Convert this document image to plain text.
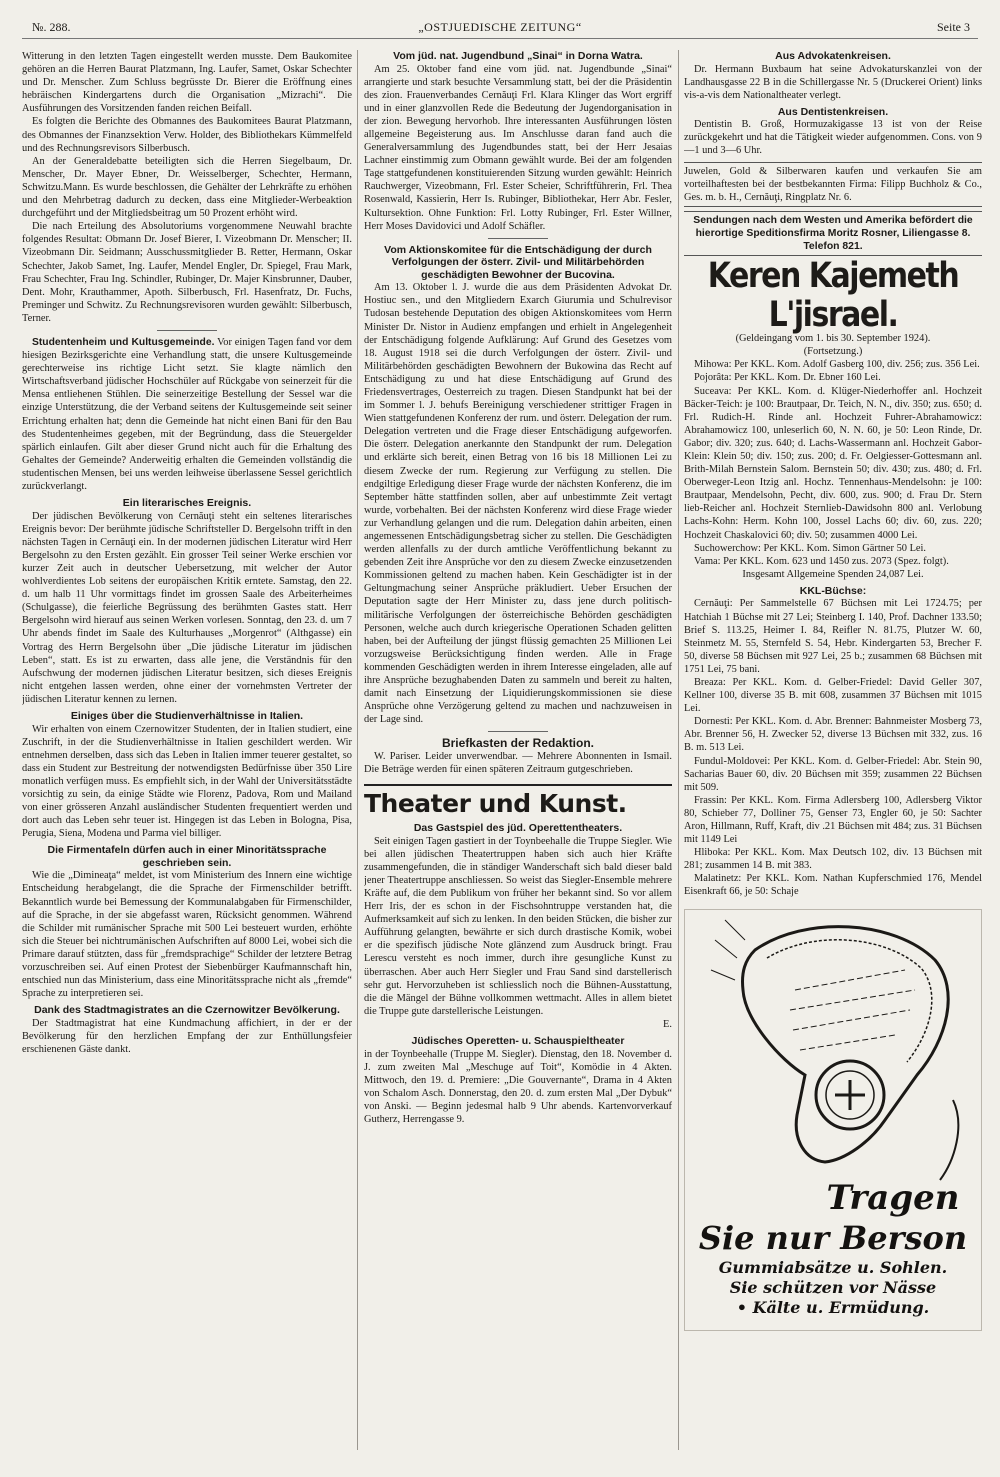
№. 288.	„OSTJUEDISCHE ZEITUNG“	Seite 3

Witterung in den letzten Tagen eingestellt werden musste. Dem Baukomitee gehören an die Herren Baurat Platzmann, Ing. Laufer, Samet, Oskar Schechter und Dr. Menscher. Zum Schluss begrüsste Dr. Bierer die Eröffnung eines hebräischen Kindergartens durch die Organisation „Mizrachi“. Die Ausführungen des Vorsitzenden fanden reichen Beifall.

Es folgten die Berichte des Obmannes des Baukomitees Baurat Platzmann, des Obmannes der Finanzsektion Verw. Holder, des Bibliothekars Kümmelfeld und des Rechnungsrevisors Silberbusch.

An der Generaldebatte beteiligten sich die Herren Siegelbaum, Dr. Menscher, Dr. Mayer Ebner, Dr. Weisselberger, Schechter, Hermann, Schwitzu.Mann. Es wurde beschlossen, die Gehälter der Lehrkräfte zu erhöhen und den Mehrbetrag dadurch zu decken, dass eine Mitglieder-Werbeaktion durchgeführt und der Mitgliedsbeitrag um 50 Prozent erhöht wird.

Die nach Erteilung des Absolutoriums vorgenommene Neuwahl brachte folgendes Resultat: Obmann Dr. Josef Bierer, I. Vizeobmann Dr. Menscher; II. Vizeobmann Dir. Seidmann; Ausschussmitglieder B. Retter, Hermann, Oskar Schechter, Jakob Samet, Ing. Laufer, Mendel Engler, Dr. Spiegel, Frau Mark, Frau Schechter, Frau Ing. Schindler, Rubinger, Dr. Majer Kinsbrunner, Dauber, Dent. Mohr, Krauthammer, Apoth. Silberbusch, Frl. Hasenfratz, Dr. Fuchs, Preminger und Schwitz. Zu Rechnungsrevisoren wurden gewählt: Silberbusch, Terner.

Studentenheim und Kultusgemeinde. Vor einigen Tagen fand vor dem hiesigen Bezirksgerichte eine Verhandlung statt, die unsere Kultusgemeinde gerechterweise ins richtige Licht setzt. Sie klagte nämlich den Wirtschaftsverband jüdischer Hochschüler auf Rückgabe von seinerzeit für die Mensa entliehenen Stühlen. Die seinerzeitige Bestellung der Sessel war die einzige Unterstützung, die der Verband seitens der Kultusgemeinde seit seiner Errichtung erhalten hat; denn die Gemeinde hat nicht einen Bani für den Bau des Studentenheimes gegeben, mit der Begründung, dass die Steuergelder spärlich einlaufen. Gilt aber dieser Grund nicht auch für die Erhaltung des Gehaltes der Gemeinde? Anderweitig erhalten die Gemeinden vollständig die studentischen Mensen, bei uns werden leihweise überlassene Sessel gerichtlich zurückverlangt.

Ein literarisches Ereignis.

Der jüdischen Bevölkerung von Cernăuţi steht ein seltenes literarisches Ereignis bevor: Der berühmte jüdische Schriftsteller D. Bergelsohn trifft in den nächsten Tagen in Cernăuţi ein. In der modernen jüdischen Literatur wird Herr Bergelsohn zu den Ersten gezählt. Ein grosser Teil seiner Werke erschien vor kurzer Zeit auch in deutscher Uebersetzung, mit welcher der Autor wohlverdientes Lob seitens der europäischen Kritik erntete. Samstag, den 22. d. um halb 11 Uhr vormittags findet im grossen Saale des Arbeiterheimes (Schulgasse), die feierliche Begrüssung des berühmten Gastes statt. Herr Bergelsohn wird hierauf aus seinen Werken vorlesen. Sonntag, den 23. d. um 7 Uhr abends findet im Saale des Kulturhauses „Morgenrot“ (Althgasse) ein Vortrag des Herrn Bergelsohn über „Die jüdische Literatur im jüdischen Leben“, statt. Es ist zu erwarten, dass alle jene, die Verständnis für den Aufschwung der modernen jüdischen Literatur besitzen, sich dieses Ereignis nicht entgehen lassen werden, ohne einer der vornehmsten Vertreter der jüdischen Literatur kennen zu lernen.

Einiges über die Studienverhältnisse in Italien.

Wir erhalten von einem Czernowitzer Studenten, der in Italien studiert, eine Zuschrift, in der die Studienverhältnisse in Italien geschildert werden. Wir entnehmen derselben, dass sich das Leben in Italien immer teuerer gestaltet, so dass ein Student zur Bestreitung der notwendigsten Bedürfnisse über 350 Lire monatlich verfügen muss. Es empfiehlt sich, in der Wahl der Universitätsstädte vorsichtig zu sein, da einige Städte wie Florenz, Padova, Rom und Mailand von einer grösseren Anzahl ausländischer Studenten frequentiert werden und dort auch das Leben sehr teuer ist. Hingegen ist das Leben in Bologna, Pisa, Perugia, Siena, Modena und Parma viel billiger.

Die Firmentafeln dürfen auch in einer Minoritätssprache geschrieben sein.

Wie die „Dimineaţa“ meldet, ist vom Ministerium des Innern eine wichtige Entscheidung herabgelangt, die die Sprache der Firmenschilder betrifft. Bekanntlich wurde bei Bemessung der Kommunalabgaben für Firmenschilder, auf die Sprache, in der sie abgefasst waren, Rücksicht genommen. Während die Schilder mit rumänischer Sprache mit 500 Lei besteuert wurden, erhöhte sich die Steuer bei nichtrumänischen Aufschriften auf 8000 Lei, wobei sich die Primare darauf stützten, dass für „fremdsprachige“ Schilder der letztere Betrag vorzuschreiben sei. Auf einen Protest der Siebenbürger Kaufmannschaft hin, entschied nun das Ministerium, dass eine Minoritätssprache nicht als „fremde“ Sprache zu interpretieren sei.

Dank des Stadtmagistrates an die Czernowitzer Bevölkerung.

Der Stadtmagistrat hat eine Kundmachung affichiert, in der er der Bevölkerung für den herzlichen Empfang der zur Enthüllungsfeier erschienenen Gäste dankt.

Vom jüd. nat. Jugendbund „Sinai“ in Dorna Watra.

Am 25. Oktober fand eine vom jüd. nat. Jugendbunde „Sinai“ arrangierte und stark besuchte Versammlung statt, bei der die Präsidentin des zion. Frauenverbandes Cernăuţi Frl. Klara Klinger das Wort ergriff und in einer glanzvollen Rede die Bedeutung der Jugendorganisation in der zion. Bewegung hervorhob. Ihre interessanten Ausführungen lösten allgemeine Begeisterung aus. Im Anschlusse daran fand auch die Generalversammlung des Jugendbundes statt, bei der Herr Jesaias Lachner einstimmig zum Obmann gewählt wurde. Bei der am folgenden Tage stattgefundenen konstituierenden Sitzung wurden gewählt: Heinrich Rauchwerger, Vizeobmann, Frl. Ester Scheier, Schriftführerin, Frl. Thea Rosenwald, Kassierin, Herr Is. Rubinger, Bibliothekar, Herr Abr. Fesler, Kultursektion. Ohne Funktion: Frl. Lotty Rubinger, Frl. Ester Willner, Herr Moses Davidovici und Adolf Schäfler.

Vom Aktionskomitee für die Entschädigung der durch Verfolgungen der österr. Zivil- und Militärbehörden geschädigten Bewohner der Bucovina.

Am 13. Oktober l. J. wurde die aus dem Präsidenten Advokat Dr. Hostiuc sen., und den Mitgliedern Exarch Giurumia und Schulrevisor Tudosan bestehende Deputation des obigen Aktionskomitees vom Herrn Minister Dr. Nistor in Audienz empfangen und erhielt in Angelegenheit der Entschädigung folgende Aufklärung: Auf Grund des Gesetzes vom 18. August 1918 sei die durch Verfolgungen der österr. Zivil- und Militärbehörden geschädigten Bewohnern der Bukowina das Recht auf Entschädigung zu und hat diese Entschädigung auf Grund des Friedensvertrages, Oesterreich zu tragen. Diesen Standpunkt hat bei der im Sommer l. J. behufs Bereinigung verschiedener strittiger Fragen in Wien stattgefundenen Konferenz der rum. und österr. Delegation der rum. Delegation vertreten und die Frage dieser Entschädigung aufgeworfen. Die österr. Delegation anerkannte den Standpunkt der rum. Delegation und erklärte sich bereit, einen Betrag von 16 bis 18 Millionen Lei zu diesem Zwecke der rum. Regierung zur Verfügung zu stellen. Die endgiltige Erledigung dieser Frage wurde der nächsten Konferenz, die im September hätte stattfinden sollen, aber auf unbestimmte Zeit vertagt wurde, vorbehalten. Bei der nächsten Konferenz wird diese Frage wieder zur Verhandlung gelangen und die rum. Delegation dahin arbeiten, einen angemessenen Entschädigungsbetrag sicher zu stellen. Die Geschädigten werden allenfalls zu der durch amtliche Veröffentlichung bekannt zu gebenden Zeit ihre Ansprüche vor den zu diesem Zwecke einzusetzenden Kommissionen geltend zu machen haben. Kein Geschädigter ist in der Geltungmachung seiner Ansprüche präkludiert. Ueber Ersuchen der Deputation sagte der Herr Minister zu, dass jene durch politisch-militärische Verfolgungen der österreichische Behörden geschädigten Personen, welche auch durch kriegerische Operationen Schaden gelitten haben, bei der Aufteilung der jüngst flüssig gemachten 25 Millionen Lei vorzugsweise Berücksichtigung finden werden. Alle in Frage kommenden Geschädigten werden in ihrem Interesse eingeladen, alle auf ihre Ansprüche bezughabenden Daten zu sammeln und bereit zu halten, damit nach Einsetzung der Liquidierungskommissionen sie diese Ansprüche ohne Verzögerung geltend zu machen und nachzuweisen in der Lage sind.

Briefkasten der Redaktion.

W. Pariser. Leider unverwendbar. — Mehrere Abonnenten in Ismail. Die Beträge werden für einen späteren Zeitraum gutgeschrieben.

Theater und Kunst.
Das Gastspiel des jüd. Operettentheaters.

Seit einigen Tagen gastiert in der Toynbeehalle die Truppe Siegler. Wie bei allen jüdischen Theatertruppen haben sich auch hier Kräfte zusammengefunden, die in ständiger Wanderschaft sich bald dieser bald jener Theatertruppe anschliessen. So weist das Siegler-Ensemble mehrere Kräfte auf, die dem Publikum von früher her bekannt sind. So vor allem Herr Iris, der es schon in der Fischsohntruppe verstanden hat, die Aufmerksamkeit auf sich zu lenken. In den beiden Stücken, die bisher zur Aufführung gelangten, bewährte er sich durch drastische Komik, wobei er die spezifisch jüdische Note glänzend zum Ausdruck bringt. Frau Lerescu versteht es noch immer, durch ihre gesungliche Kunst zu überraschen. Aber auch Herr Siegler und Frau Sand sind darstellerisch sehr gut. Hervorzuheben ist schliesslich noch die Bühnen-Ausstattung, die die Mängel der Bühne vollkommen wettmacht. Alles in allem bietet die Truppe gute darstellerische Leistungen.

E.

Jüdisches Operetten- u. Schauspieltheater

in der Toynbeehalle (Truppe M. Siegler). Dienstag, den 18. November d. J. zum zweiten Mal „Meschuge auf Toit“, Komödie in 4 Akten. Mittwoch, den 19. d. Premiere: „Die Gouvernante“, Drama in 4 Akten von Schalom Asch. Donnerstag, den 20. d. zum ersten Mal „Der Dybuk“ von Anski. — Beginn jedesmal halb 9 Uhr abends. Kartenvorverkauf Gutherz, Herrengasse 9.

Aus Advokatenkreisen.

Dr. Hermann Buxbaum hat seine Advokaturskanzlei von der Landhausgasse 22 B in die Schillergasse Nr. 5 (Druckerei Orient) links vis-a-vis dem Nationaltheater verlegt.

Aus Dentistenkreisen.

Dentistin B. Groß, Hormuzakigasse 13 ist von der Reise zurückgekehrt und hat die Tätigkeit wieder aufgenommen. Cons. von 9—1 und 3—6 Uhr.

Juwelen, Gold & Silberwaren kaufen und verkaufen Sie am vorteilhaftesten bei der bestbekannten Firma: Filipp Buchholz & Co., Ges. m. b. H., Cernăuţi, Ringplatz Nr. 6.

Sendungen nach dem Westen und Amerika befördert die hierortige Speditionsfirma Moritz Rosner, Liliengasse 8. Telefon 821.

Keren Kajemeth L'jisrael.

(Geldeingang vom 1. bis 30. September 1924).

(Fortsetzung.)

Mihowa: Per KKL. Kom. Adolf Gasberg 100, div. 256; zus. 356 Lei.

Pojorâta: Per KKL. Kom. Dr. Ebner 160 Lei.

Suceava: Per KKL. Kom. d. Klüger-Niederhoffer anl. Hochzeit Bäcker-Teich: je 100: Brautpaar, Dr. Teich, N. N., div. 350; zus. 650; d. Frl. Rudich-H. Rinde anl. Hochzeit Fuhrer-Abrahamowicz: Abrahamowicz 100, unleserlich 60, N. N. 60, je 50: Leon Rinde, Dr. Gabor; div. 320; zus. 640; d. Lachs-Wassermann anl. Hochzeit Gabor-Klein: Klein 50; div. 150; zus. 200; d. Fr. Oelgiesser-Gottesmann anl. Brith-Milah Bernstein Salom. Bernstein 50; div. 430; zus. 480; d. Frl. Oberweger-Leon Itzig anl. Hochz. Tennenhaus-Mendelsohn: je 100: Brautpaar, Mendelsohn, Pecht, div. 600, zus. 900; d. Frau Dr. Stern lieb-Reicher anl. Hochzeit Sternlieb-Dawidsohn 800 anl. Verlobung Lachs-Kohn: Herm. Kohn 100, Jossel Lachs 60; div. 60, zus. 220; Hochzeit Chaskalovici 60; div. 50; zusammen 4000 Lei.

Suchowerchow: Per KKL. Kom. Simon Gärtner 50 Lei.

Vama: Per KKL. Kom. 623 und 1450 zus. 2073 (Spez. folgt).

Insgesamt Allgemeine Spenden 24,087 Lei.

KKL-Büchse:

Cernăuţi: Per Sammelstelle 67 Büchsen mit Lei 1724.75; per Hatchiah 1 Büchse mit 27 Lei; Steinberg I. 140, Prof. Dachner 133.50; Brief S. 113.25, Heimer I. 84, Reifler N. 81.75, Plutzer W. 60, Steinmetz M. 55, Sternfeld S. 54, Hebr. Kindergarten 53, Brecher F. 50, diverse 58 Büchsen mit 927 Lei, 25 b.; zusammen 68 Büchsen mit 1751 Lei, 75 bani.

Breaza: Per KKL. Kom. d. Gelber-Friedel: David Geller 307, Kellner 100, diverse 35 B. mit 608, zusammen 37 Büchsen mit 1015 Lei.

Dornesti: Per KKL. Kom. d. Abr. Brenner: Bahnmeister Mosberg 73, Abr. Brenner 56, H. Zwecker 52, diverse 13 Büchsen mit 332, zus. 16 B. m. 513 Lei.

Fundul-Moldovei: Per KKL. Kom. d. Gelber-Friedel: Abr. Stein 90, Sacharias Bauer 60, div. 20 Büchsen mit 359; zusammen 22 Büchsen mit 509.

Frassin: Per KKL. Kom. Firma Adlersberg 100, Adlersberg Viktor 80, Schieber 77, Dolliner 75, Genser 73, Engler 60, je 50: Sachter Aron, Hillmann, Ruff, Kraft, div .21 Büchsen mit 484; zus. 31 Büchsen mit 1149 Lei

Hliboka: Per KKL. Kom. Max Deutsch 102, div. 13 Büchsen mit 281; zusammen 14 B. mit 383.

Malatinetz: Per KKL. Kom. Nathan Kupferschmied 176, Mendel Eisenkraft 66, je 50: Schaje

Tragen
Sie nur Berson
Gummiabsätze u. Sohlen.
Sie schützen vor Nässe
• Kälte u. Ermüdung.
